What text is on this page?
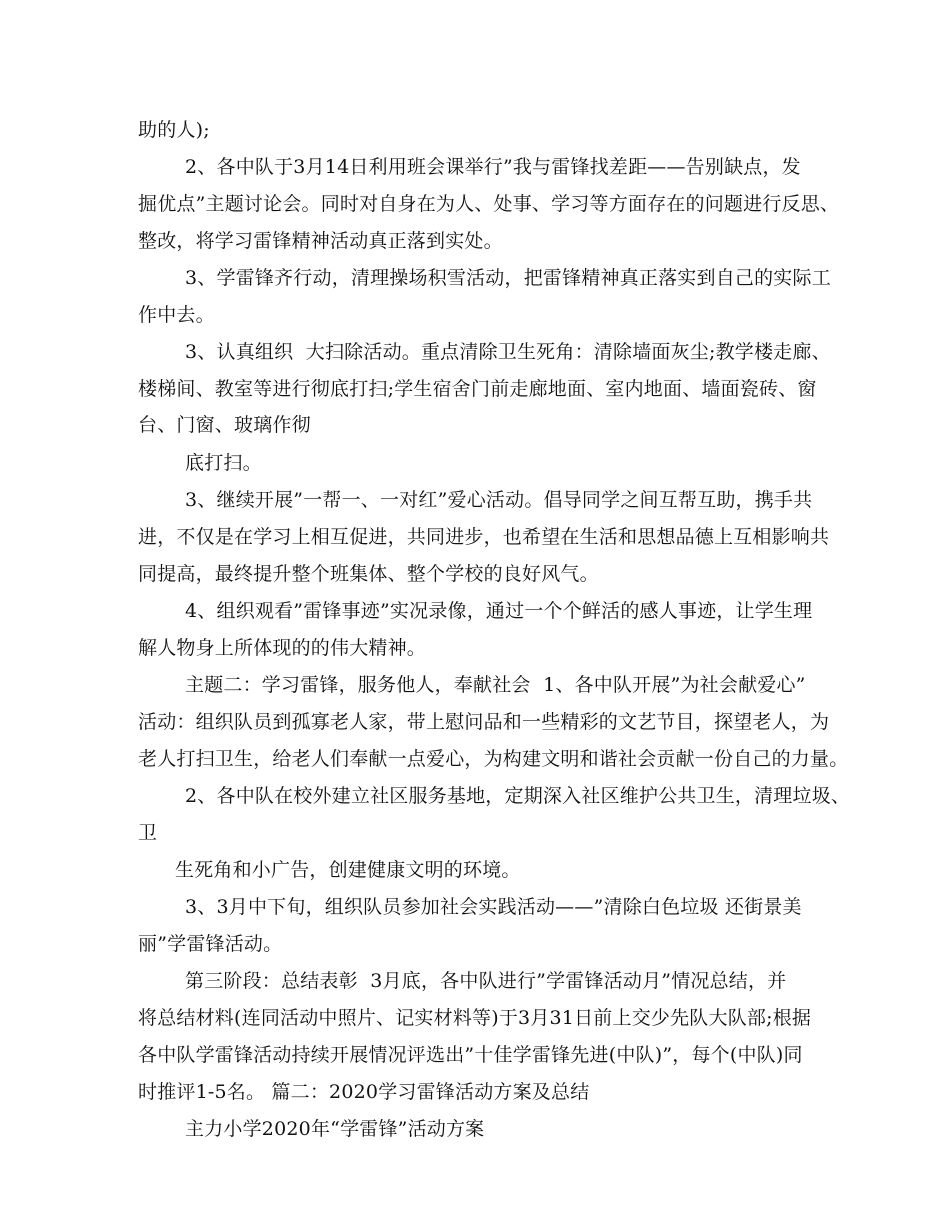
助的人);
2、各中队于3月14日利用班会课举行”我与雷锋找差距——告别缺点，发
掘优点”主题讨论会。同时对自身在为人、处事、学习等方面存在的问题进行反思、
整改，将学习雷锋精神活动真正落到实处。
3、学雷锋齐行动，清理操场积雪活动，把雷锋精神真正落实到自己的实际工
作中去。
3、认真组织  大扫除活动。重点清除卫生死角：清除墙面灰尘;教学楼走廊、
楼梯间、教室等进行彻底打扫;学生宿舍门前走廊地面、室内地面、墙面瓷砖、窗
台、门窗、玻璃作彻
底打扫。
3、继续开展”一帮一、一对红”爱心活动。倡导同学之间互帮互助，携手共
进，不仅是在学习上相互促进，共同进步，也希望在生活和思想品德上互相影响共
同提高，最终提升整个班集体、整个学校的良好风气。
4、组织观看”雷锋事迹”实况录像，通过一个个鲜活的感人事迹，让学生理
解人物身上所体现的的伟大精神。
主题二：学习雷锋，服务他人，奉献社会  1、各中队开展”为社会献爱心”
活动：组织队员到孤寡老人家，带上慰问品和一些精彩的文艺节目，探望老人，为
老人打扫卫生，给老人们奉献一点爱心，为构建文明和谐社会贡献一份自己的力量。
2、各中队在校外建立社区服务基地，定期深入社区维护公共卫生，清理垃圾、
卫
生死角和小广告，创建健康文明的环境。
3、3月中下旬，组织队员参加社会实践活动——”清除白色垃圾 还街景美
丽”学雷锋活动。
第三阶段：总结表彰  3月底，各中队进行”学雷锋活动月”情况总结，并
将总结材料(连同活动中照片、记实材料等)于3月31日前上交少先队大队部;根据
各中队学雷锋活动持续开展情况评选出”十佳学雷锋先进(中队)”，每个(中队)同
时推评1-5名。 篇二：2020学习雷锋活动方案及总结
主力小学2020年“学雷锋”活动方案
